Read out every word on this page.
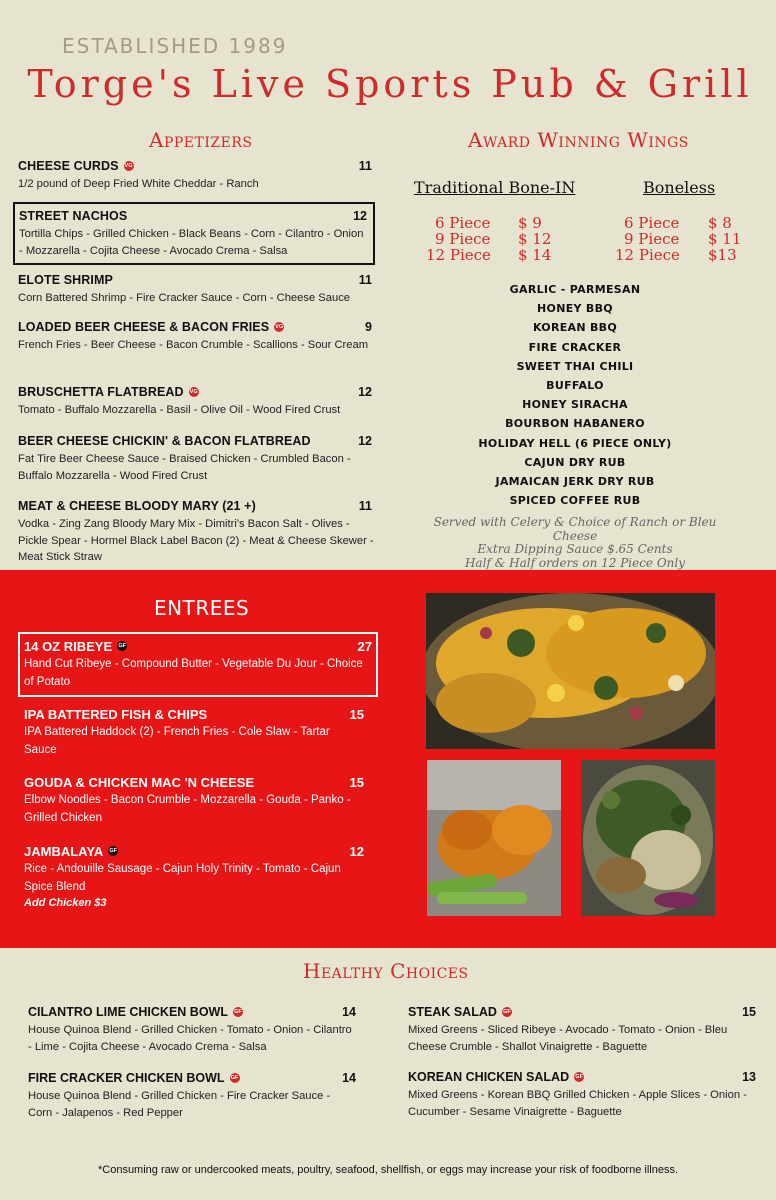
ESTABLISHED 1989
Torge's Live Sports Pub & Grill
Appetizers
CHEESE CURDS VG	11
1/2 pound of Deep Fried White Cheddar - Ranch
STREET NACHOS	12
Tortilla Chips - Grilled Chicken - Black Beans - Corn - Cilantro - Onion - Mozzarella - Cojita Cheese - Avocado Crema - Salsa
ELOTE SHRIMP	11
Corn Battered Shrimp - Fire Cracker Sauce - Corn - Cheese Sauce
LOADED BEER CHEESE & BACON FRIES VG	9
French Fries - Beer Cheese - Bacon Crumble - Scallions - Sour Cream
BRUSCHETTA FLATBREAD VG	12
Tomato - Buffalo Mozzarella - Basil - Olive Oil - Wood Fired Crust
BEER CHEESE CHICKIN' & BACON FLATBREAD	12
Fat Tire Beer Cheese Sauce - Braised Chicken - Crumbled Bacon - Buffalo Mozzarella - Wood Fired Crust
MEAT & CHEESE BLOODY MARY (21 +)	11
Vodka - Zing Zang Bloody Mary Mix - Dimitri's Bacon Salt - Olives - Pickle Spear - Hormel Black Label Bacon (2) - Meat & Cheese Skewer - Meat Stick Straw
Award Winning Wings
Traditional Bone-IN	Boneless
6 Piece $ 9
9 Piece $ 12
12 Piece $ 14
6 Piece $ 8
9 Piece $ 11
12 Piece $13
GARLIC - PARMESAN
HONEY BBQ
KOREAN BBQ
FIRE CRACKER
SWEET THAI CHILI
BUFFALO
HONEY SIRACHA
BOURBON HABANERO
HOLIDAY HELL (6 PIECE ONLY)
CAJUN DRY RUB
JAMAICAN JERK DRY RUB
SPICED COFFEE RUB
Served with Celery & Choice of Ranch or Bleu Cheese
Extra Dipping Sauce $.65 Cents
Half & Half orders on 12 Piece Only
ENTREES
14 OZ RIBEYE GF	27
Hand Cut Ribeye - Compound Butter - Vegetable Du Jour - Choice of Potato
IPA BATTERED FISH & CHIPS	15
IPA Battered Haddock (2) - French Fries - Cole Slaw - Tartar Sauce
GOUDA & CHICKEN MAC 'N CHEESE	15
Elbow Noodles - Bacon Crumble - Mozzarella - Gouda - Panko - Grilled Chicken
JAMBALAYA GF	12
Rice - Andouille Sausage - Cajun Holy Trinity - Tomato - Cajun Spice Blend
Add Chicken $3
Healthy Choices
CILANTRO LIME CHICKEN BOWL GF	14
House Quinoa Blend - Grilled Chicken - Tomato - Onion - Cilantro - Lime - Cojita Cheese - Avocado Crema - Salsa
FIRE CRACKER CHICKEN BOWL GF	14
House Quinoa Blend - Grilled Chicken - Fire Cracker Sauce - Corn - Jalapenos - Red Pepper
STEAK SALAD GF	15
Mixed Greens - Sliced Ribeye - Avocado - Tomato - Onion - Bleu Cheese Crumble - Shallot Vinaigrette - Baguette
KOREAN CHICKEN SALAD GF	13
Mixed Greens - Korean BBQ Grilled Chicken - Apple Slices - Onion - Cucumber - Sesame Vinaigrette - Baguette
*Consuming raw or undercooked meats, poultry, seafood, shellfish, or eggs may increase your risk of foodborne illness.
